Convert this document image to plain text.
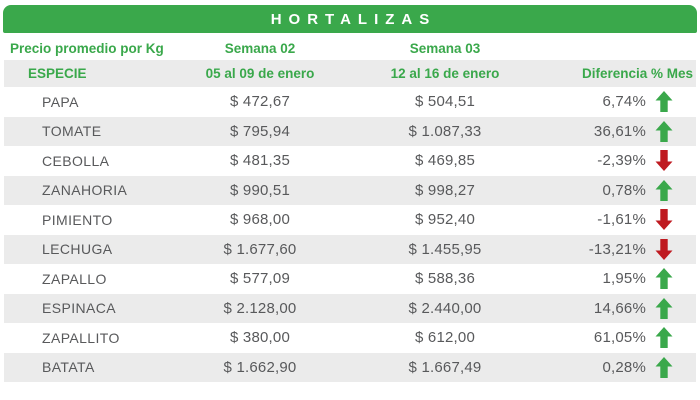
HORTALIZAS
Precio promedio por Kg	Semana 02	Semana 03
ESPECIE	05 al 09 de enero	12 al 16 de enero	Diferencia % Mes
PAPA	$ 472,67	$ 504,51	6,74%
TOMATE	$ 795,94	$ 1.087,33	36,61%
CEBOLLA	$ 481,35	$ 469,85	-2,39%
ZANAHORIA	$ 990,51	$ 998,27	0,78%
PIMIENTO	$ 968,00	$ 952,40	-1,61%
LECHUGA	$ 1.677,60	$ 1.455,95	-13,21%
ZAPALLO	$ 577,09	$ 588,36	1,95%
ESPINACA	$ 2.128,00	$ 2.440,00	14,66%
ZAPALLITO	$ 380,00	$ 612,00	61,05%
BATATA	$ 1.662,90	$ 1.667,49	0,28%
